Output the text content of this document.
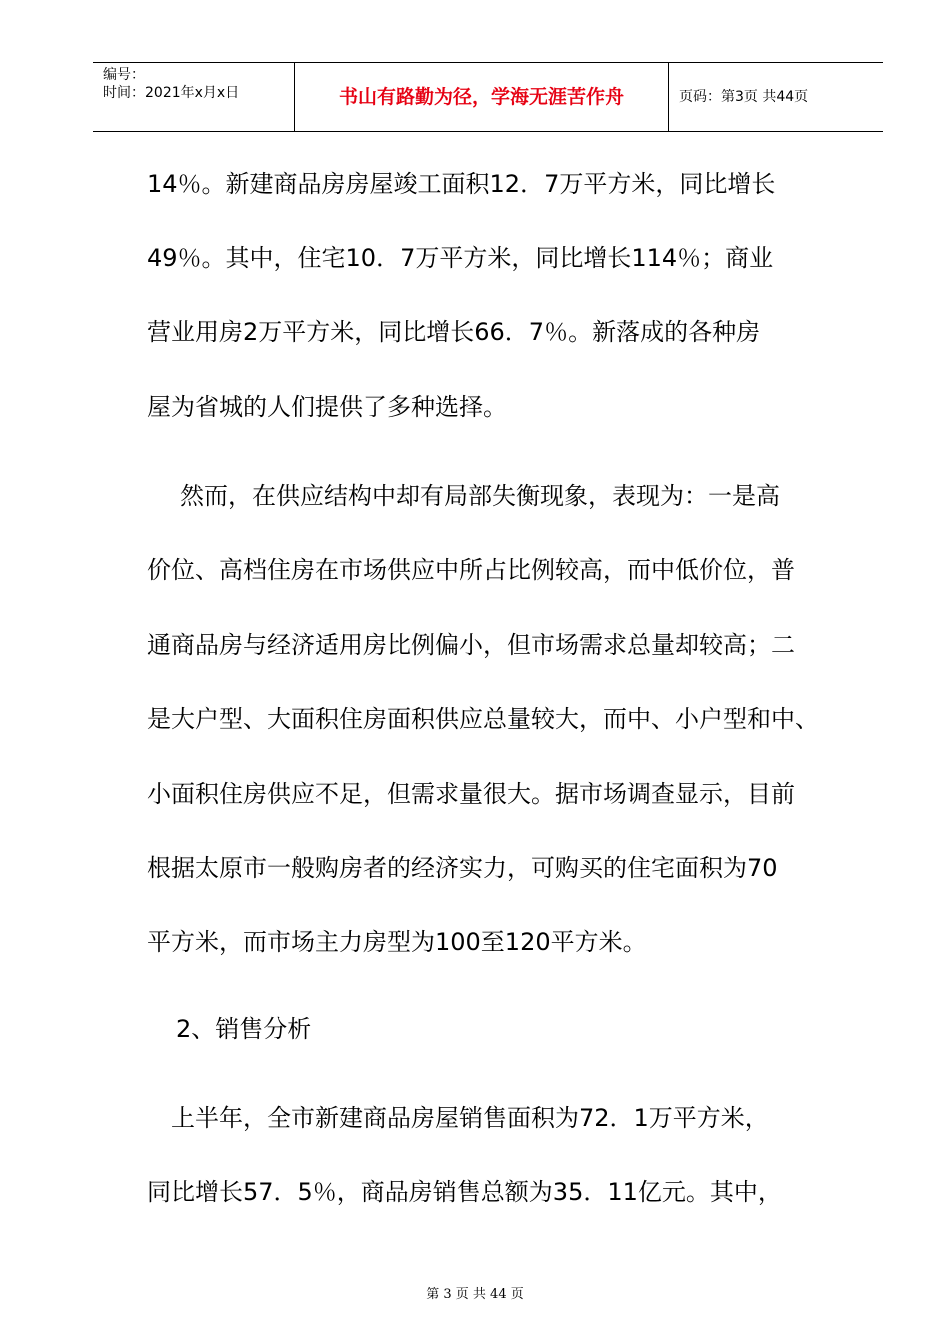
编号：
时间：2021年x月x日	书山有路勤为径，学海无涯苦作舟	页码：第3页 共44页
14％。新建商品房房屋竣工面积12．7万平方米，同比增长
49％。其中，住宅10．7万平方米，同比增长114％；商业
营业用房2万平方米，同比增长66．7％。新落成的各种房
屋为省城的人们提供了多种选择。
然而，在供应结构中却有局部失衡现象，表现为：一是高
价位、高档住房在市场供应中所占比例较高，而中低价位，普
通商品房与经济适用房比例偏小，但市场需求总量却较高；二
是大户型、大面积住房面积供应总量较大，而中、小户型和中、
小面积住房供应不足，但需求量很大。据市场调查显示，目前
根据太原市一般购房者的经济实力，可购买的住宅面积为70
平方米，而市场主力房型为100至120平方米。
2、销售分析
上半年，全市新建商品房屋销售面积为72．1万平方米，
同比增长57．5％，商品房销售总额为35．11亿元。其中，
第 3 页 共 44 页
